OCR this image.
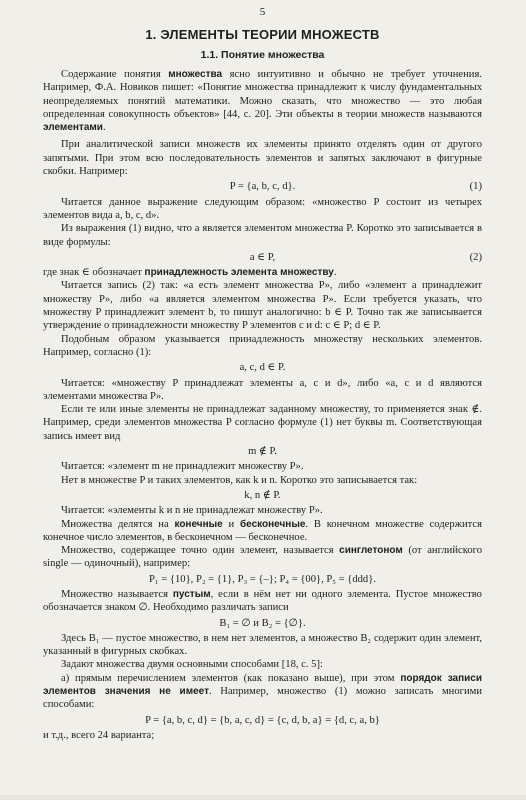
5
1. ЭЛЕМЕНТЫ ТЕОРИИ МНОЖЕСТВ
1.1. Понятие множества

Содержание понятия множества ясно интуитивно и обычно не требует уточнения. Например, Ф.А. Новиков пишет: «Понятие множества принадлежит к числу фундаментальных неопределяемых понятий математики. Можно сказать, что множество — это любая определенная совокупность объектов» [44, с. 20]. Эти объекты в теории множеств называются элементами.

При аналитической записи множеств их элементы принято отделять один от другого запятыми. При этом всю последовательность элементов и запятых заключают в фигурные скобки. Например:

P = {a, b, c, d}.	(1)

Читается данное выражение следующим образом: «множество P состоит из четырех элементов вида a, b, c, d».

Из выражения (1) видно, что a является элементом множества P. Коротко это записывается в виде формулы:

a ∈ P,	(2)

где знак ∈ обозначает принадлежность элемента множеству.

Читается запись (2) так: «a есть элемент множества P», либо «элемент a принадлежит множеству P», либо «a является элементом множества P». Если требуется указать, что множеству P принадлежит элемент b, то пишут аналогично: b ∈ P. Точно так же записывается утверждение о принадлежности множеству P элементов c и d: c ∈ P; d ∈ P.

Подобным образом указывается принадлежность множеству нескольких элементов. Например, согласно (1):

a, c, d ∈ P.

Читается: «множеству P принадлежат элементы a, c и d», либо «a, c и d являются элементами множества P».

Если те или иные элементы не принадлежат заданному множеству, то применяется знак ∉. Например, среди элементов множества P согласно формуле (1) нет буквы m. Соответствующая запись имеет вид

m ∉ P.

Читается: «элемент m не принадлежит множеству P».

Нет в множестве P и таких элементов, как k и n. Коротко это записывается так:

k, n ∉ P.

Читается: «элементы k и n не принадлежат множеству P».

Множества делятся на конечные и бесконечные. В конечном множестве содержится конечное число элементов, в бесконечном — бесконечное.

Множество, содержащее точно один элемент, называется синглетоном (от английского single — одиночный), например:

P₁ = {10}, P₂ = {1}, P₃ = {–}; P₄ = {00}, P₅ = {ddd}.

Множество называется пустым, если в нём нет ни одного элемента. Пустое множество обозначается знаком ∅. Необходимо различать записи

B₁ = ∅ и B₂ = {∅}.

Здесь B₁ — пустое множество, в нем нет элементов, а множество B₂ содержит один элемент, указанный в фигурных скобках.

Задают множества двумя основными способами [18, с. 5]:

а) прямым перечислением элементов (как показано выше), при этом порядок записи элементов значения не имеет. Например, множество (1) можно записать многими способами:

P = {a, b, c, d} = {b, a, c, d} = {c, d, b, a} = {d, c, a, b}

и т.д., всего 24 варианта;
